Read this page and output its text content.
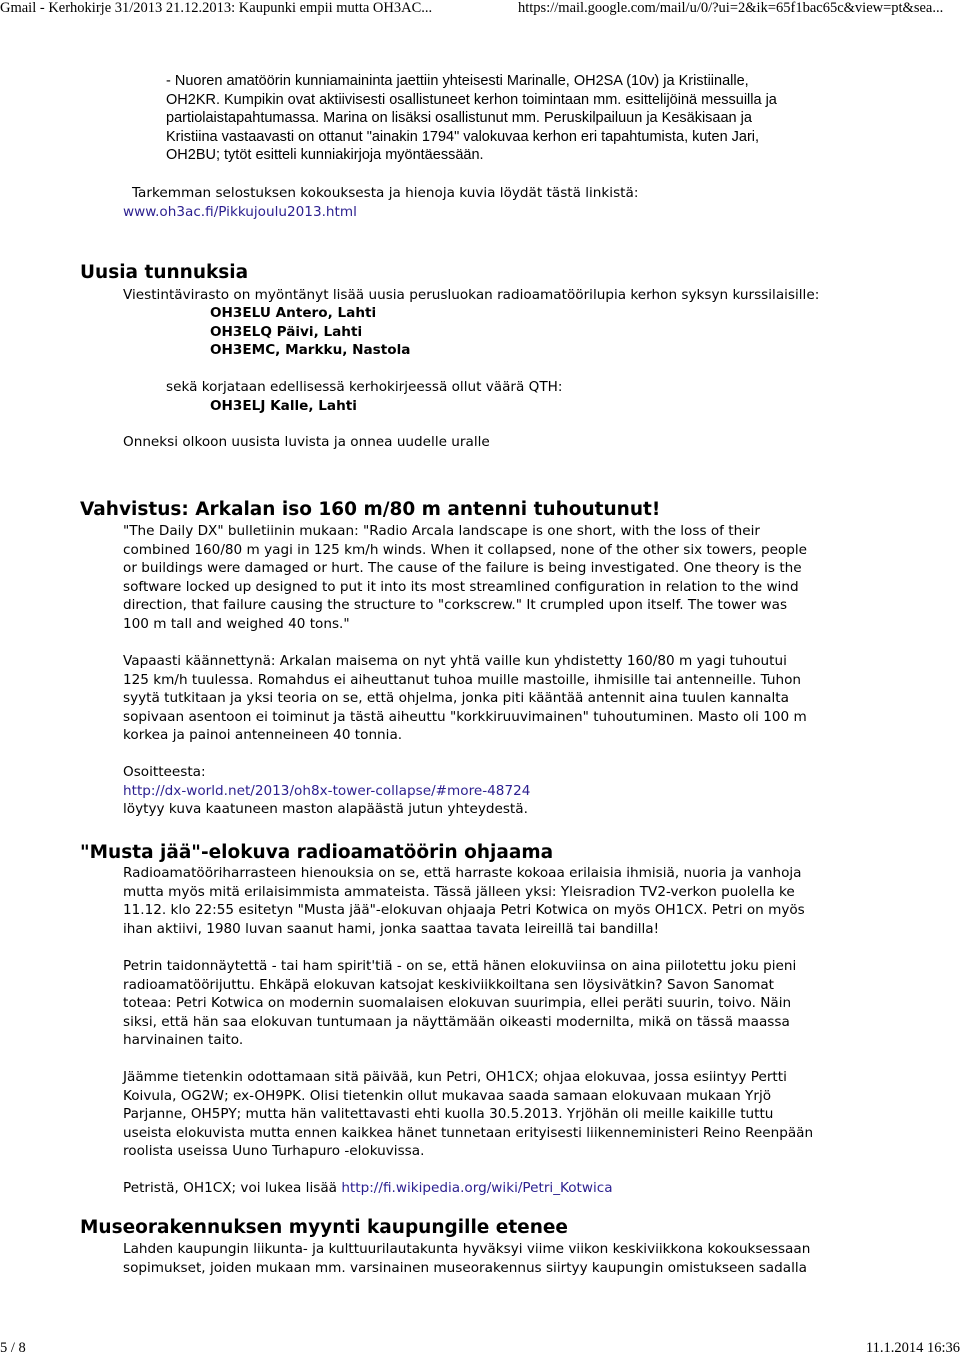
Gmail - Kerhokirje 31/2013 21.12.2013: Kaupunki empii mutta OH3AC...	https://mail.google.com/mail/u/0/?ui=2&ik=65f1bac65c&view=pt&sea...
- Nuoren amatöörin kunniamaininta jaettiin yhteisesti Marinalle, OH2SA (10v) ja Kristiinalle,
OH2KR. Kumpikin ovat aktiivisesti osallistuneet kerhon toimintaan mm. esittelijöinä messuilla ja
partiolaistapahtumassa. Marina on lisäksi osallistunut mm. Peruskilpailuun ja Kesäkisaan ja
Kristiina vastaavasti on ottanut "ainakin 1794" valokuvaa kerhon eri tapahtumista, kuten Jari,
OH2BU; tytöt esitteli kunniakirjoja myöntäessään.
Tarkemman selostuksen kokouksesta ja hienoja kuvia löydät tästä linkistä:
www.oh3ac.fi/Pikkujoulu2013.html
Uusia tunnuksia
Viestintävirasto on myöntänyt lisää uusia perusluokan radioamatöörilupia kerhon syksyn kurssilaisille:
OH3ELU Antero, Lahti
OH3ELQ Päivi, Lahti
OH3EMC, Markku, Nastola
sekä korjataan edellisessä kerhokirjeessä ollut väärä QTH:
OH3ELJ Kalle, Lahti
Onneksi olkoon uusista luvista ja onnea uudelle uralle
Vahvistus: Arkalan iso 160 m/80 m antenni tuhoutunut!
"The Daily DX" bulletiinin mukaan: "Radio Arcala landscape is one short, with the loss of their
combined 160/80 m yagi in 125 km/h winds. When it collapsed, none of the other six towers, people
or buildings were damaged or hurt. The cause of the failure is being investigated. One theory is the
software locked up designed to put it into its most streamlined configuration in relation to the wind
direction, that failure causing the structure to "corkscrew." It crumpled upon itself. The tower was
100 m tall and weighed 40 tons."
Vapaasti käännettynä: Arkalan maisema on nyt yhtä vaille kun yhdistetty 160/80 m yagi tuhoutui
125 km/h tuulessa. Romahdus ei aiheuttanut tuhoa muille mastoille, ihmisille tai antenneille. Tuhon
syytä tutkitaan ja yksi teoria on se, että ohjelma, jonka piti kääntää antennit aina tuulen kannalta
sopivaan asentoon ei toiminut ja tästä aiheuttu "korkkiruuvimainen" tuhoutuminen. Masto oli 100 m
korkea ja painoi antenneineen 40 tonnia.
Osoitteesta:
http://dx-world.net/2013/oh8x-tower-collapse/#more-48724
löytyy kuva kaatuneen maston alapäästä jutun yhteydestä.
"Musta jää"-elokuva radioamatöörin ohjaama
Radioamatööriharrasteen hienouksia on se, että harraste kokoaa erilaisia ihmisiä, nuoria ja vanhoja
mutta myös mitä erilaisimmista ammateista. Tässä jälleen yksi: Yleisradion TV2-verkon puolella ke
11.12. klo 22:55 esitetyn "Musta jää"-elokuvan ohjaaja Petri Kotwica on myös OH1CX. Petri on myös
ihan aktiivi, 1980 luvan saanut hami, jonka saattaa tavata leireillä tai bandilla!
Petrin taidonnäytettä - tai ham spirit'tiä - on se, että hänen elokuviinsa on aina piilotettu joku pieni
radioamatöörijuttu. Ehkäpä elokuvan katsojat keskiviikkoiltana sen löysivätkin? Savon Sanomat
toteaa: Petri Kotwica on modernin suomalaisen elokuvan suurimpia, ellei peräti suurin, toivo. Näin
siksi, että hän saa elokuvan tuntumaan ja näyttämään oikeasti modernilta, mikä on tässä maassa
harvinainen taito.
Jäämme tietenkin odottamaan sitä päivää, kun Petri, OH1CX; ohjaa elokuvaa, jossa esiintyy Pertti
Koivula, OG2W; ex-OH9PK. Olisi tietenkin ollut mukavaa saada samaan elokuvaan mukaan Yrjö
Parjanne, OH5PY; mutta hän valitettavasti ehti kuolla 30.5.2013. Yrjöhän oli meille kaikille tuttu
useista elokuvista mutta ennen kaikkea hänet tunnetaan erityisesti liikenneministeri Reino Reenpään
roolista useissa Uuno Turhapuro -elokuvissa.
Petristä, OH1CX; voi lukea lisää http://fi.wikipedia.org/wiki/Petri_Kotwica
Museorakennuksen myynti kaupungille etenee
Lahden kaupungin liikunta- ja kulttuurilautakunta hyväksyi viime viikon keskiviikkona kokouksessaan
sopimukset, joiden mukaan mm. varsinainen museorakennus siirtyy kaupungin omistukseen sadalla
5 / 8	11.1.2014 16:36
